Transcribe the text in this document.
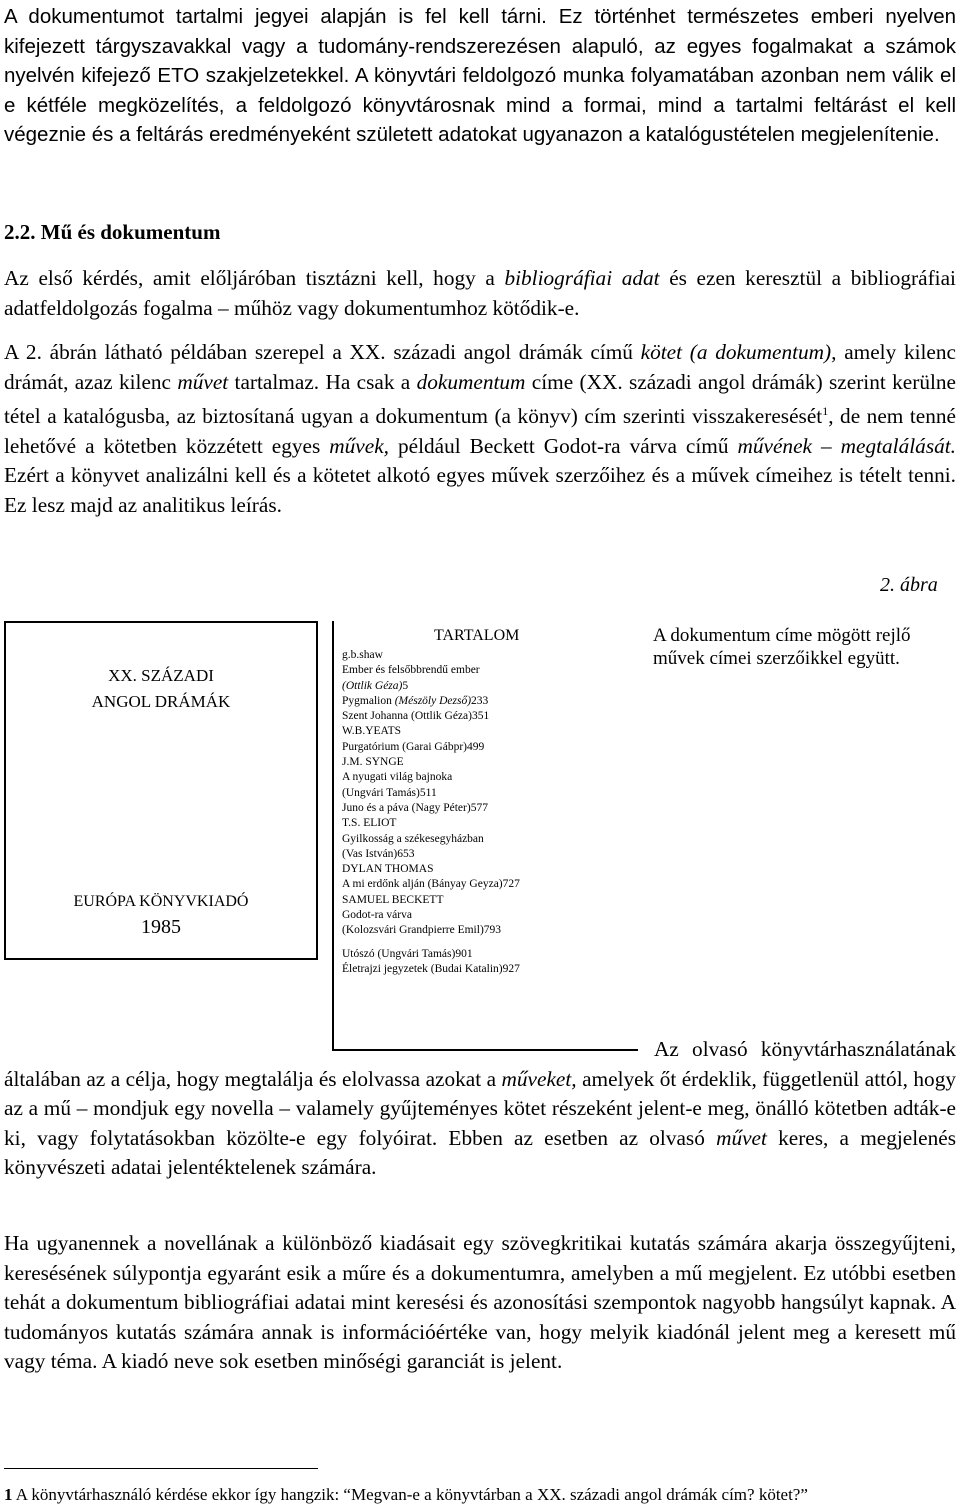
A dokumentumot tartalmi jegyei alapján is fel kell tárni. Ez történhet természetes emberi nyelven kifejezett tárgyszavakkal vagy a tudomány-rendszerezésen alapuló, az egyes fogalmakat a számok nyelvén kifejező ETO szakjelzetekkel. A könyvtári feldolgozó munka folyamatában azonban nem válik el e kétféle megközelítés, a feldolgozó könyvtárosnak mind a formai, mind a tartalmi feltárást el kell végeznie és a feltárás eredményeként született adatokat ugyanazon a katalógustételen megjelenítenie.

2.2. Mű és dokumentum

Az első kérdés, amit előljáróban tisztázni kell, hogy a bibliográfiai adat és ezen keresztül a bibliográfiai adatfeldolgozás fogalma – műhöz vagy dokumentumhoz kötődik-e.

A 2. ábrán látható példában szerepel a XX. századi angol drámák című kötet (a dokumentum), amely kilenc drámát, azaz kilenc művet tartalmaz. Ha csak a dokumentum címe (XX. századi angol drámák) szerint kerülne tétel a katalógusba, az biztosítaná ugyan a dokumentum (a könyv) cím szerinti visszakeresését$^1$, de nem tenné lehetővé a kötetben közzétett egyes művek, például Beckett Godot-ra várva című művének – megtalálását. Ezért a könyvet analizálni kell és a kötetet alkotó egyes művek szerzőihez és a művek címeihez is tételt tenni. Ez lesz majd az analitikus leírás.

2. ábra
XX. SZÁZADI
ANGOL DRÁMÁK
EURÓPA KÖNYVKIADÓ
1985
TARTALOM
g.b.shaw
Ember és felsőbbrendű ember
(Ottlik Géza)5
Pygmalion (Mészöly Dezső)233
Szent Johanna (Ottlik Géza)351
W.B.YEATS
Purgatórium (Garai Gábpr)499
J.M. SYNGE
A nyugati világ bajnoka
(Ungvári Tamás)511
Juno és a páva (Nagy Péter)577
T.S. ELIOT
Gyilkosság a székesegyházban
(Vas István)653
DYLAN THOMAS
A mi erdőnk alján (Bányay Geyza)727
SAMUEL BECKETT
Godot-ra várva
(Kolozsvári Grandpierre Emil)793
Utószó (Ungvári Tamás)901
Életrajzi jegyzetek (Budai Katalin)927
A dokumentum címe mögött rejlő művek címei szerzőikkel együtt.

Az olvasó könyvtárhasználatának általában az a célja, hogy megtalálja és elolvassa azokat a műveket, amelyek őt érdeklik, függetlenül attól, hogy az a mű – mondjuk egy novella – valamely gyűjteményes kötet részeként jelent-e meg, önálló kötetben adták-e ki, vagy folytatásokban közölte-e egy folyóirat. Ebben az esetben az olvasó művet keres, a megjelenés könyvészeti adatai jelentéktelenek számára.

Ha ugyanennek a novellának a különböző kiadásait egy szövegkritikai kutatás számára akarja összegyűjteni, keresésének súlypontja egyaránt esik a műre és a dokumentumra, amelyben a mű megjelent. Ez utóbbi esetben tehát a dokumentum bibliográfiai adatai mint keresési és azonosítási szempontok nagyobb hangsúlyt kapnak. A tudományos kutatás számára annak is információértéke van, hogy melyik kiadónál jelent meg a keresett mű vagy téma. A kiadó neve sok esetben minőségi garanciát is jelent.

1 A könyvtárhasználó kérdése ekkor így hangzik: “Megvan-e a könyvtárban a XX. századi angol drámák cím? kötet?”
